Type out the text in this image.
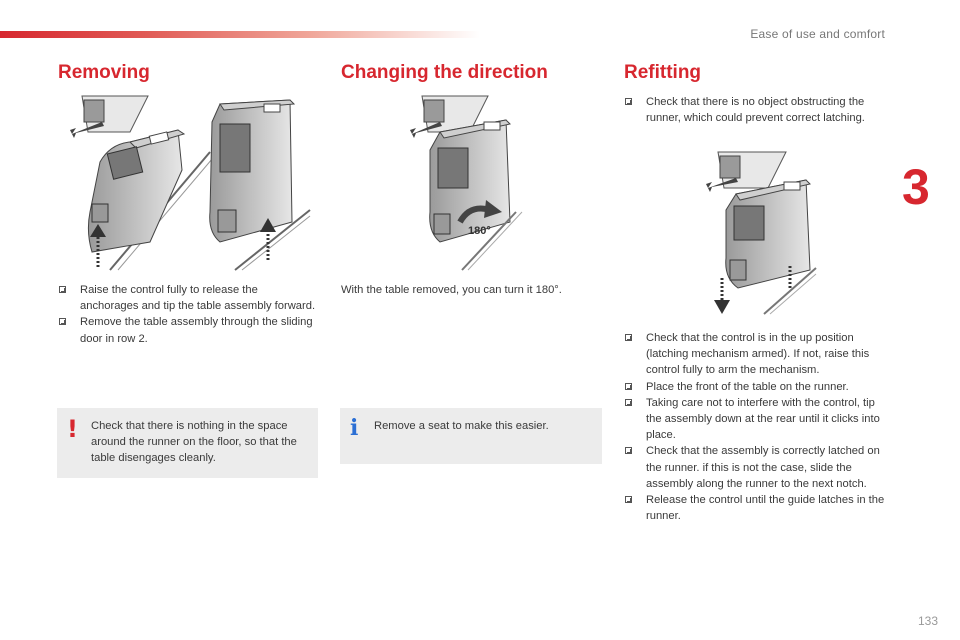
Ease of use and comfort
3
Removing
Raise the control fully to release the anchorages and tip the table assembly forward.
Remove the table assembly through the sliding door in row 2.
! Check that there is nothing in the space around the runner on the floor, so that the table disengages cleanly.
Changing the direction
180°

With the table removed, you can turn it 180°.

i Remove a seat to make this easier.
Refitting
Check that there is no object obstructing the runner, which could prevent correct latching.
Check that the control is in the up position (latching mechanism armed). If not, raise this control fully to arm the mechanism.
Place the front of the table on the runner.
Taking care not to interfere with the control, tip the assembly down at the rear until it clicks into place.
Check that the assembly is correctly latched on the runner. if this is not the case, slide the assembly along the runner to the next notch.
Release the control until the guide latches in the runner.
133
